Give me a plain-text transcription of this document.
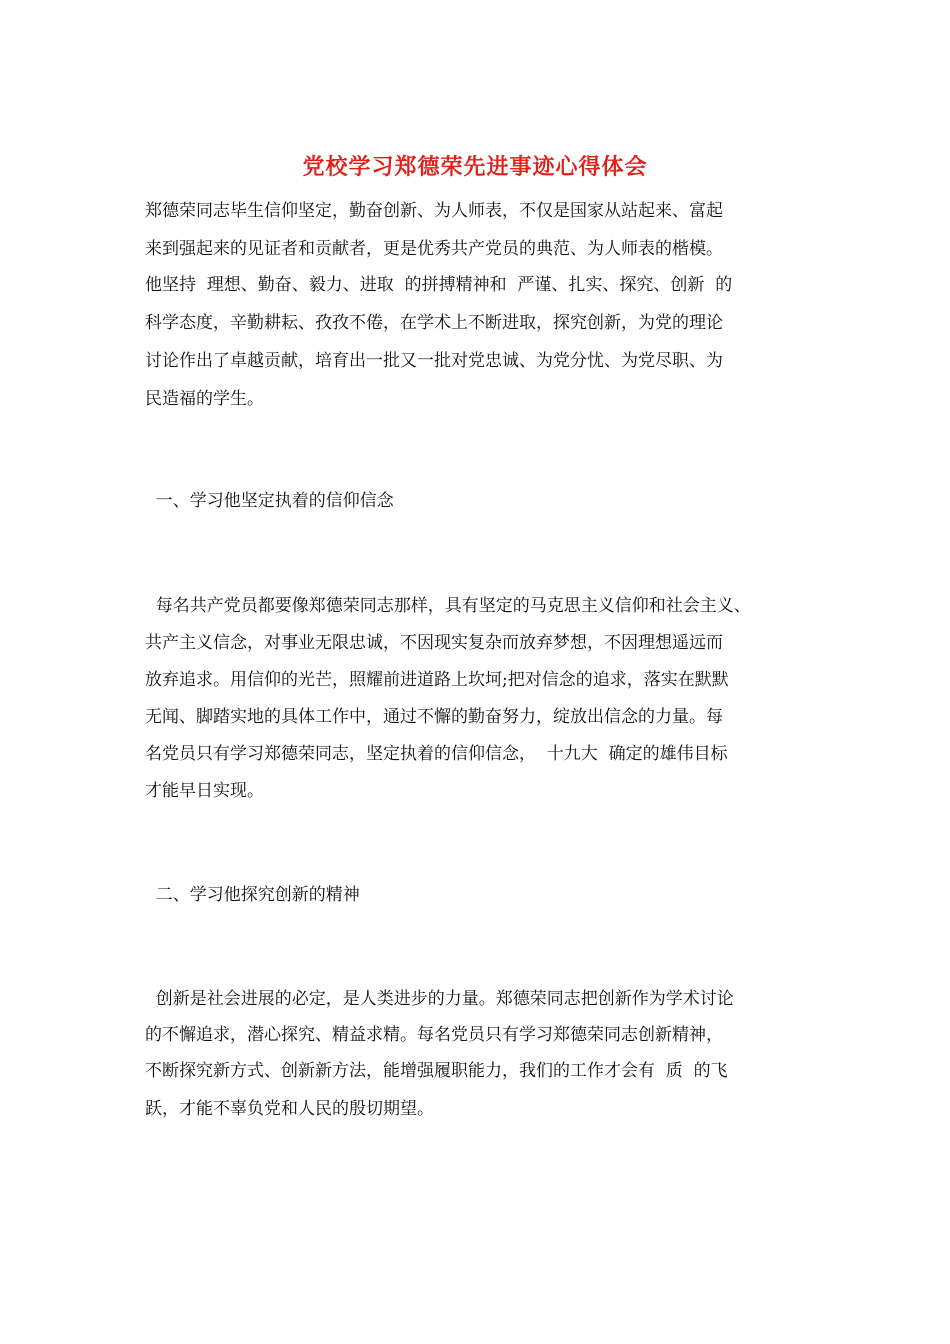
党校学习郑德荣先进事迹心得体会
郑德荣同志毕生信仰坚定，勤奋创新、为人师表，不仅是国家从站起来、富起
来到强起来的见证者和贡献者，更是优秀共产党员的典范、为人师表的楷模。
他坚持  理想、勤奋、毅力、进取  的拼搏精神和  严谨、扎实、探究、创新  的
科学态度，辛勤耕耘、孜孜不倦，在学术上不断进取，探究创新，为党的理论
讨论作出了卓越贡献，培育出一批又一批对党忠诚、为党分忧、为党尽职、为
民造福的学生。
一、学习他坚定执着的信仰信念
每名共产党员都要像郑德荣同志那样，具有坚定的马克思主义信仰和社会主义、
共产主义信念，对事业无限忠诚，不因现实复杂而放弃梦想，不因理想遥远而
放弃追求。用信仰的光芒，照耀前进道路上坎坷;把对信念的追求，落实在默默
无闻、脚踏实地的具体工作中，通过不懈的勤奋努力，绽放出信念的力量。每
名党员只有学习郑德荣同志，坚定执着的信仰信念，  十九大  确定的雄伟目标
才能早日实现。
二、学习他探究创新的精神
创新是社会进展的必定，是人类进步的力量。郑德荣同志把创新作为学术讨论
的不懈追求，潜心探究、精益求精。每名党员只有学习郑德荣同志创新精神，
不断探究新方式、创新新方法，能增强履职能力，我们的工作才会有  质  的飞
跃，才能不辜负党和人民的殷切期望。
